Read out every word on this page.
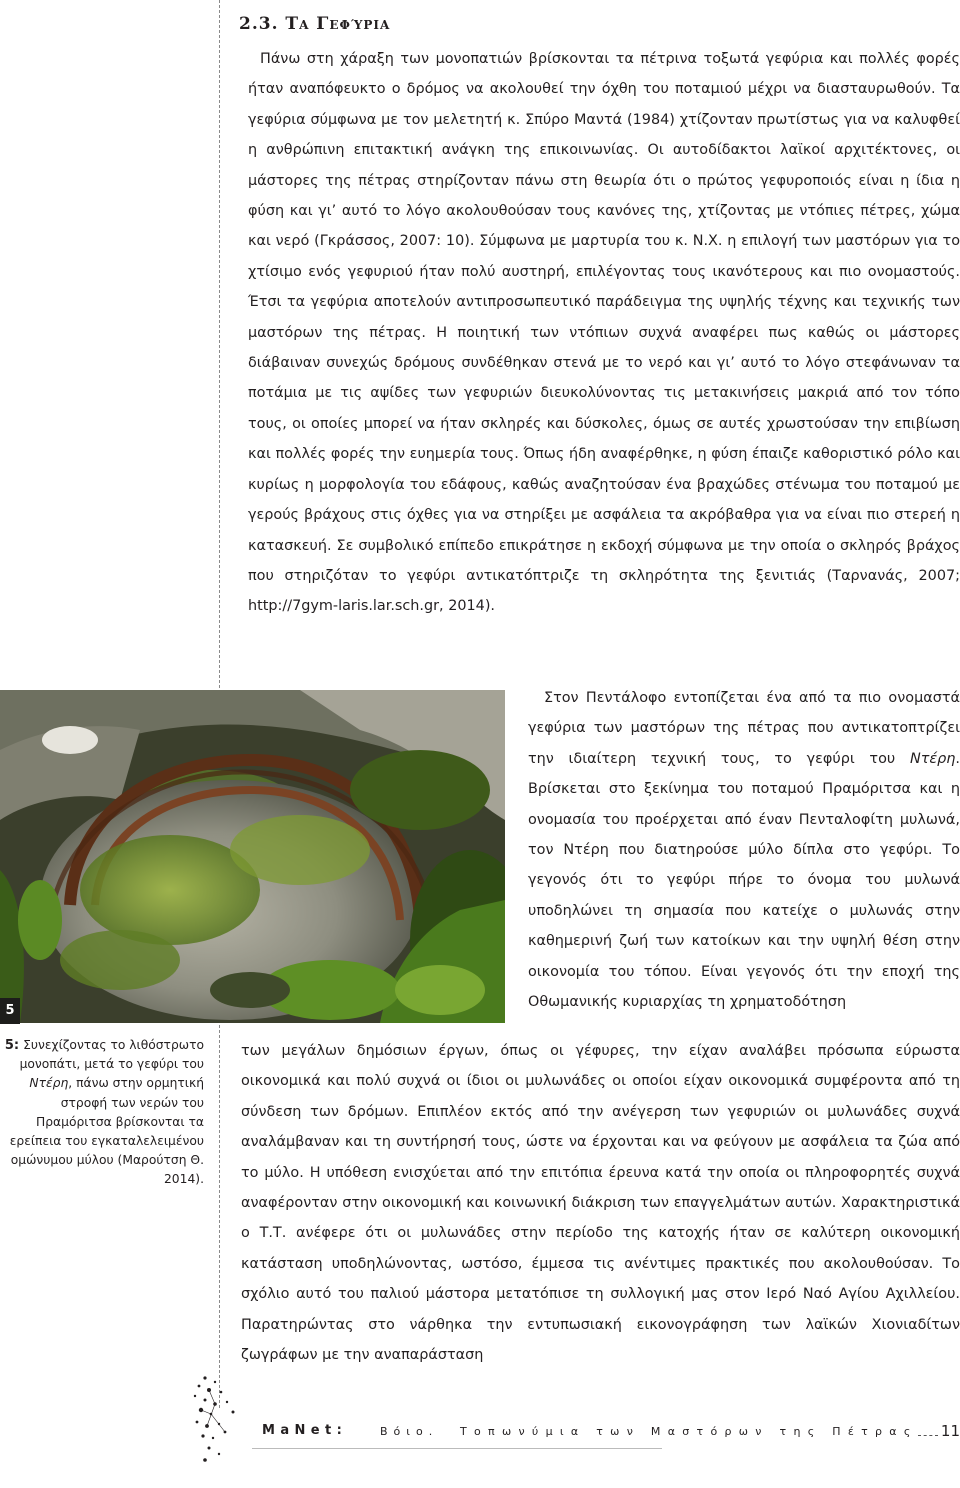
2.3. Τα Γεφύρια

Πάνω στη χάραξη των μονοπατιών βρίσκονται τα πέτρινα τοξωτά γεφύρια και πολλές φορές ήταν αναπόφευκτο ο δρόμος να ακολουθεί την όχθη του ποταμιού μέχρι να διασταυρωθούν. Τα γεφύρια σύμφωνα με τον μελετητή κ. Σπύρο Μαντά (1984) χτίζονταν πρωτίστως για να καλυφθεί η ανθρώπινη επιτακτική ανάγκη της επικοινωνίας. Οι αυτοδίδακτοι λαϊκοί αρχιτέκτονες, οι μάστορες της πέτρας στηρίζονταν πάνω στη θεωρία ότι ο πρώτος γεφυροποιός είναι η ίδια η φύση και γι’ αυτό το λόγο ακολουθούσαν τους κανόνες της, χτίζοντας με ντόπιες πέτρες, χώμα και νερό (Γκράσσος, 2007: 10). Σύμφωνα με μαρτυρία του κ. Ν.Χ. η επιλογή των μαστόρων για το χτίσιμο ενός γεφυριού ήταν πολύ αυστηρή, επιλέγοντας τους ικανότερους και πιο ονομαστούς. Έτσι τα γεφύρια αποτελούν αντιπροσωπευτικό παράδειγμα της υψηλής τέχνης και τεχνικής των μαστόρων της πέτρας. Η ποιητική των ντόπιων συχνά αναφέρει πως καθώς οι μάστορες διάβαιναν συνεχώς δρόμους συνδέθηκαν στενά με το νερό και γι’ αυτό το λόγο στεφάνωναν τα ποτάμια με τις αψίδες των γεφυριών διευκολύνοντας τις μετακινήσεις μακριά από τον τόπο τους, οι οποίες μπορεί να ήταν σκληρές και δύσκολες, όμως σε αυτές χρωστούσαν την επιβίωση και πολλές φορές την ευημερία τους. Όπως ήδη αναφέρθηκε, η φύση έπαιζε καθοριστικό ρόλο και κυρίως η μορφολογία του εδάφους, καθώς αναζητούσαν ένα βραχώδες στένωμα του ποταμού με γερούς βράχους στις όχθες για να στηρίξει με ασφάλεια τα ακρόβαθρα για να είναι πιο στερεή η κατασκευή. Σε συμβολικό επίπεδο επικράτησε η εκδοχή σύμφωνα με την οποία ο σκληρός βράχος που στηριζόταν το γεφύρι αντικατόπτριζε τη σκληρότητα της ξενιτιάς (Ταρνανάς, 2007; http://7gym-laris.lar.sch.gr, 2014).

Στον Πεντάλοφο εντοπίζεται ένα από τα πιο ονομαστά γεφύρια των μαστόρων της πέτρας που αντικατοπτρίζει την ιδιαίτερη τεχνική τους, το γεφύρι του Ντέρη. Βρίσκεται στο ξεκίνημα του ποταμού Πραμόριτσα και η ονομασία του προέρχεται από έναν Πενταλοφίτη μυλωνά, τον Ντέρη που διατηρούσε μύλο δίπλα στο γεφύρι. Το γεγονός ότι το γεφύρι πήρε το όνομα του μυλωνά υποδηλώνει τη σημασία που κατείχε ο μυλωνάς στην καθημερινή ζωή των κατοίκων και την υψηλή θέση στην οικονομία του τόπου. Είναι γεγονός ότι την εποχή της Οθωμανικής κυριαρχίας τη χρηματοδότηση

5

5: Συνεχίζοντας το λιθόστρωτο μονοπάτι, μετά το γεφύρι του Ντέρη, πάνω στην ορμητική στροφή των νερών του Πραμόριτσα βρίσκονται τα ερείπεια του εγκαταλελειμένου ομώνυμου μύλου (Μαρούτση Θ. 2014).

των μεγάλων δημόσιων έργων, όπως οι γέφυρες, την είχαν αναλάβει πρόσωπα εύρωστα οικονομικά και πολύ συχνά οι ίδιοι οι μυλωνάδες οι οποίοι είχαν οικονομικά συμφέροντα από τη σύνδεση των δρόμων. Επιπλέον εκτός από την ανέγερση των γεφυριών οι μυλωνάδες συχνά αναλάμβαναν και τη συντήρησή τους, ώστε να έρχονται και να φεύγουν με ασφάλεια τα ζώα από το μύλο. Η υπόθεση ενισχύεται από την επιτόπια έρευνα κατά την οποία οι πληροφορητές συχνά αναφέρονταν στην οικονομική και κοινωνική διάκριση των επαγγελμάτων αυτών. Χαρακτηριστικά ο Τ.Τ. ανέφερε ότι οι μυλωνάδες στην περίοδο της κατοχής ήταν σε καλύτερη οικονομική κατάσταση υποδηλώνοντας, ωστόσο, έμμεσα τις ανέντιμες πρακτικές που ακολουθούσαν. Το σχόλιο αυτό του παλιού μάστορα μετατόπισε τη συλλογική μας στον Ιερό Ναό Αγίου Αχιλλείου. Παρατηρώντας στο νάρθηκα την εντυπωσιακή εικονογράφηση των λαϊκών Χιονιαδίτων ζωγράφων με την αναπαράσταση

MaNet:	Βόιο. Τοπωνύμια των Μαστόρων της Πέτρας 11
